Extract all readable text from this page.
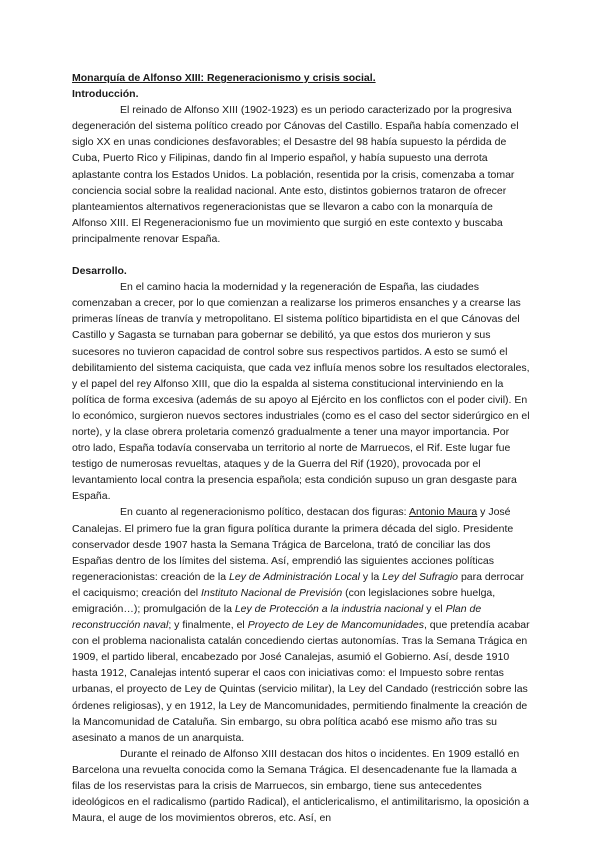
Monarquía de Alfonso XIII: Regeneracionismo y crisis social.
Introducción.

El reinado de Alfonso XIII (1902-1923) es un periodo caracterizado por la progresiva degeneración del sistema político creado por Cánovas del Castillo. España había comenzado el siglo XX en unas condiciones desfavorables; el Desastre del 98 había supuesto la pérdida de Cuba, Puerto Rico y Filipinas, dando fin al Imperio español, y había supuesto una derrota aplastante contra los Estados Unidos. La población, resentida por la crisis, comenzaba a tomar conciencia social sobre la realidad nacional. Ante esto, distintos gobiernos trataron de ofrecer planteamientos alternativos regeneracionistas que se llevaron a cabo con la monarquía de Alfonso XIII. El Regeneracionismo fue un movimiento que surgió en este contexto y buscaba principalmente renovar España.

Desarrollo.

En el camino hacia la modernidad y la regeneración de España, las ciudades comenzaban a crecer, por lo que comienzan a realizarse los primeros ensanches y a crearse las primeras líneas de tranvía y metropolitano. El sistema político bipartidista en el que Cánovas del Castillo y Sagasta se turnaban para gobernar se debilitó, ya que estos dos murieron y sus sucesores no tuvieron capacidad de control sobre sus respectivos partidos. A esto se sumó el debilitamiento del sistema caciquista, que cada vez influía menos sobre los resultados electorales, y el papel del rey Alfonso XIII, que dio la espalda al sistema constitucional interviniendo en la política de forma excesiva (además de su apoyo al Ejército en los conflictos con el poder civil). En lo económico, surgieron nuevos sectores industriales (como es el caso del sector siderúrgico en el norte), y la clase obrera proletaria comenzó gradualmente a tener una mayor importancia. Por otro lado, España todavía conservaba un territorio al norte de Marruecos, el Rif. Este lugar fue testigo de numerosas revueltas, ataques y de la Guerra del Rif (1920), provocada por el levantamiento local contra la presencia española; esta condición supuso un gran desgaste para España.

En cuanto al regeneracionismo político, destacan dos figuras: Antonio Maura y José Canalejas. El primero fue la gran figura política durante la primera década del siglo. Presidente conservador desde 1907 hasta la Semana Trágica de Barcelona, trató de conciliar las dos Españas dentro de los límites del sistema. Así, emprendió las siguientes acciones políticas regeneracionistas: creación de la Ley de Administración Local y la Ley del Sufragio para derrocar el caciquismo; creación del Instituto Nacional de Previsión (con legislaciones sobre huelga, emigración…); promulgación de la Ley de Protección a la industria nacional y el Plan de reconstrucción naval; y finalmente, el Proyecto de Ley de Mancomunidades, que pretendía acabar con el problema nacionalista catalán concediendo ciertas autonomías. Tras la Semana Trágica en 1909, el partido liberal, encabezado por José Canalejas, asumió el Gobierno. Así, desde 1910 hasta 1912, Canalejas intentó superar el caos con iniciativas como: el Impuesto sobre rentas urbanas, el proyecto de Ley de Quintas (servicio militar), la Ley del Candado (restricción sobre las órdenes religiosas), y en 1912, la Ley de Mancomunidades, permitiendo finalmente la creación de la Mancomunidad de Cataluña. Sin embargo, su obra política acabó ese mismo año tras su asesinato a manos de un anarquista.

Durante el reinado de Alfonso XIII destacan dos hitos o incidentes. En 1909 estalló en Barcelona una revuelta conocida como la Semana Trágica. El desencadenante fue la llamada a filas de los reservistas para la crisis de Marruecos, sin embargo, tiene sus antecedentes ideológicos en el radicalismo (partido Radical), el anticlericalismo, el antimilitarismo, la oposición a Maura, el auge de los movimientos obreros, etc. Así, en
